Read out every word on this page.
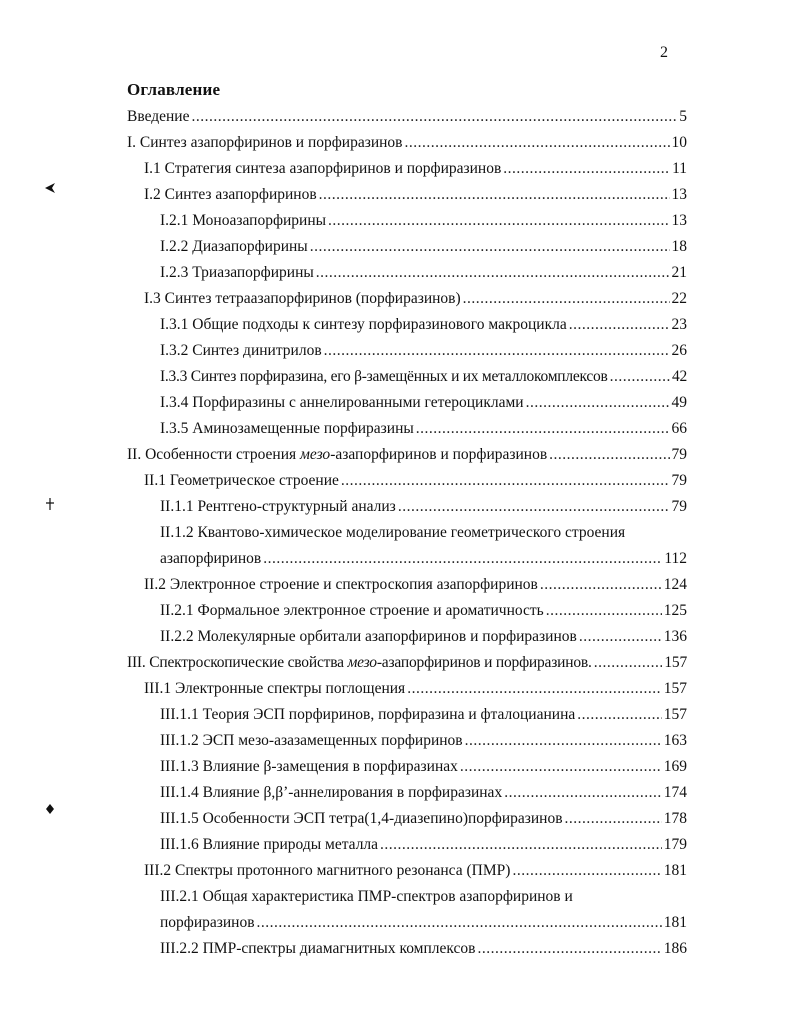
2
Оглавление
Введение .....	5
I. Синтез азапорфиринов и порфиразинов .....	10
I.1 Стратегия синтеза азапорфиринов и порфиразинов .....	11
I.2 Синтез азапорфиринов .....	13
I.2.1 Моноазапорфирины .....	13
I.2.2 Диазапорфирины .....	18
I.2.3 Триазапорфирины .....	21
I.3 Синтез тетраазапорфиринов (порфиразинов) .....	22
I.3.1 Общие подходы к синтезу порфиразинового макроцикла .....	23
I.3.2 Синтез динитрилов .....	26
I.3.3 Синтез порфиразина, его β-замещённых и их металлокомплексов .....	42
I.3.4 Порфиразины с аннелированными гетероциклами .....	49
I.3.5 Аминозамещенные порфиразины .....	66
II. Особенности строения мезо-азапорфиринов и порфиразинов .....	79
II.1 Геометрическое строение .....	79
II.1.1 Рентгено-структурный анализ .....	79
II.1.2 Квантово-химическое моделирование геометрического строения
азапорфиринов .....	112
II.2 Электронное строение и спектроскопия азапорфиринов .....	124
II.2.1 Формальное электронное строение и ароматичность .....	125
II.2.2 Молекулярные орбитали азапорфиринов и порфиразинов .....	136
III. Спектроскопические свойства мезо-азапорфиринов и порфиразинов. .....	157
III.1 Электронные спектры поглощения .....	157
III.1.1 Теория ЭСП порфиринов, порфиразина и фталоцианина .....	157
III.1.2 ЭСП мезо-азазамещенных порфиринов .....	163
III.1.3 Влияние β-замещения в порфиразинах .....	169
III.1.4 Влияние β,β’-аннелирования в порфиразинах .....	174
III.1.5 Особенности ЭСП тетра(1,4-диазепино)порфиразинов .....	178
III.1.6 Влияние природы металла .....	179
III.2 Спектры протонного магнитного резонанса (ПМР) .....	181
III.2.1 Общая характеристика ПМР-спектров азапорфиринов и
порфиразинов .....	181
III.2.2 ПМР-спектры диамагнитных комплексов .....	186
